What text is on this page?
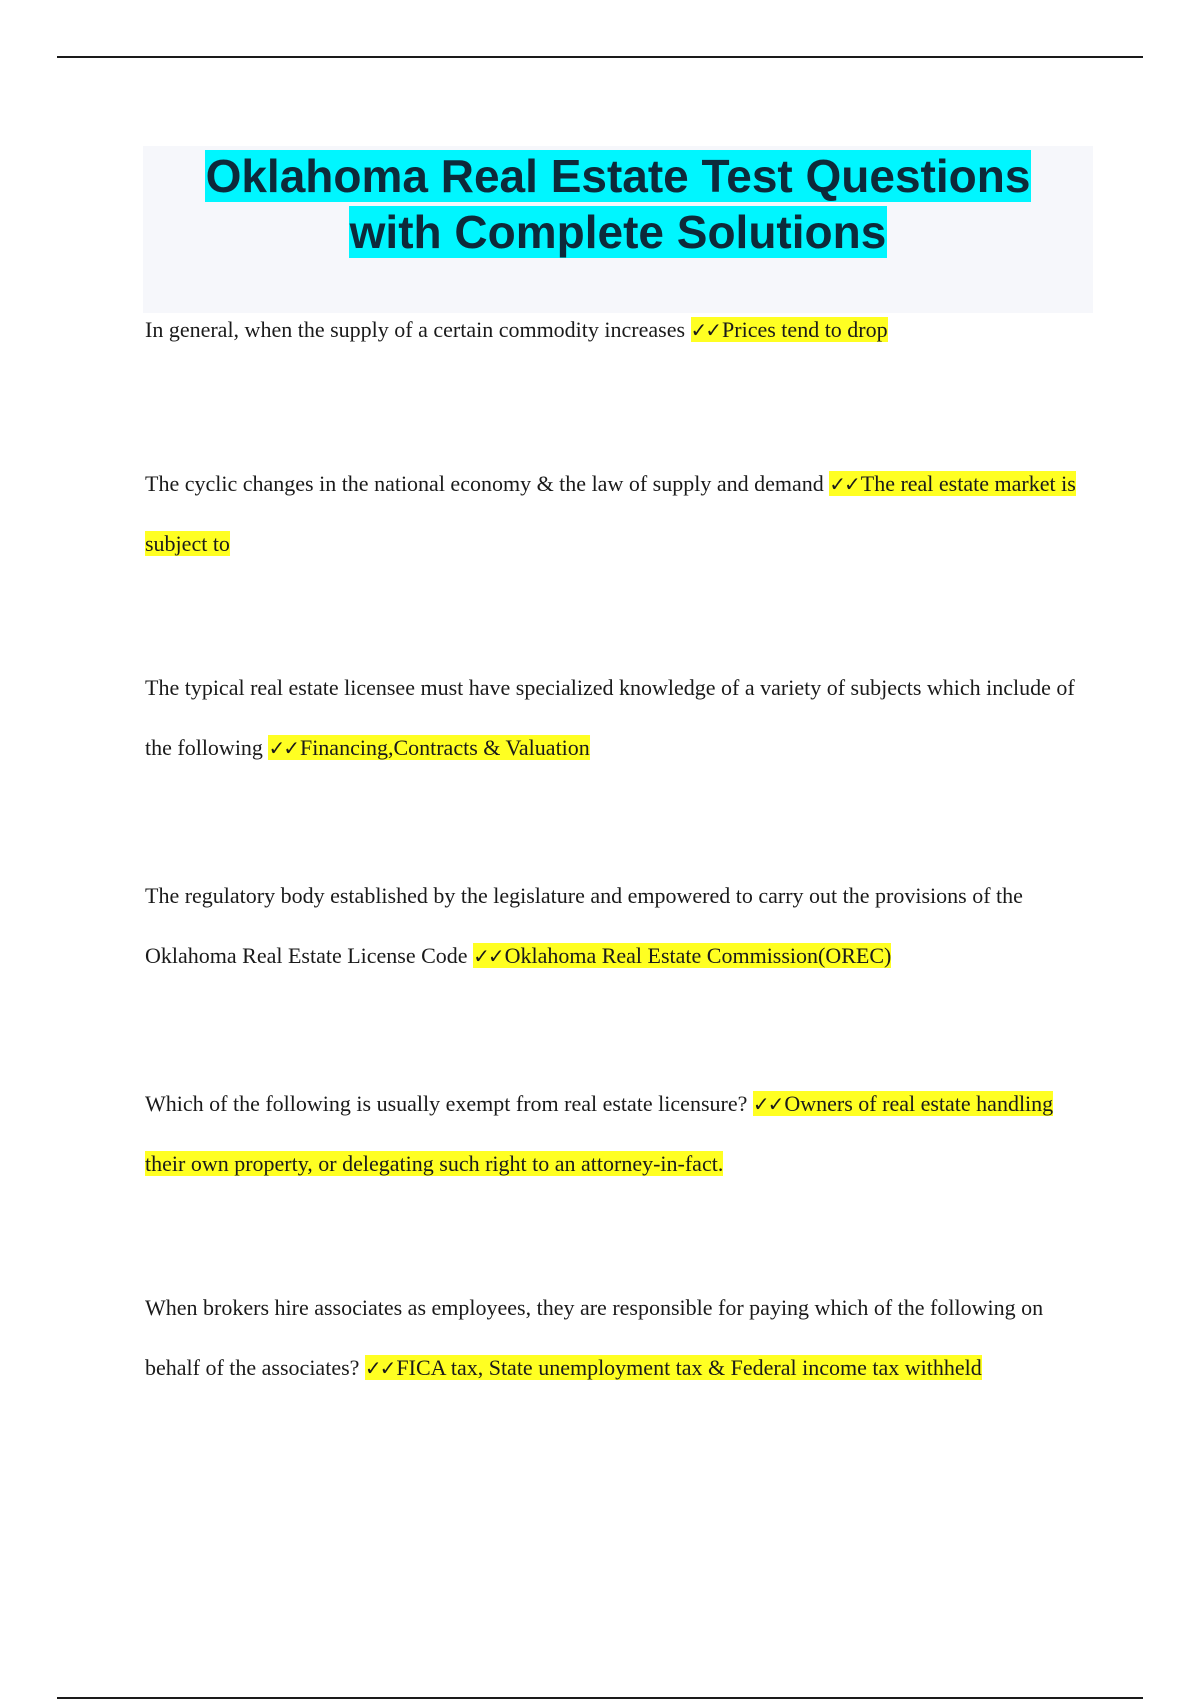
Oklahoma Real Estate Test Questions
with Complete Solutions

In general, when the supply of a certain commodity increases ✓✓Prices tend to drop

The cyclic changes in the national economy & the law of supply and demand ✓✓The real estate market is subject to

The typical real estate licensee must have specialized knowledge of a variety of subjects which include of the following ✓✓Financing,Contracts & Valuation

The regulatory body established by the legislature and empowered to carry out the provisions of the Oklahoma Real Estate License Code ✓✓Oklahoma Real Estate Commission(OREC)

Which of the following is usually exempt from real estate licensure? ✓✓Owners of real estate handling their own property, or delegating such right to an attorney-in-fact.

When brokers hire associates as employees, they are responsible for paying which of the following on behalf of the associates? ✓✓FICA tax, State unemployment tax & Federal income tax withheld
